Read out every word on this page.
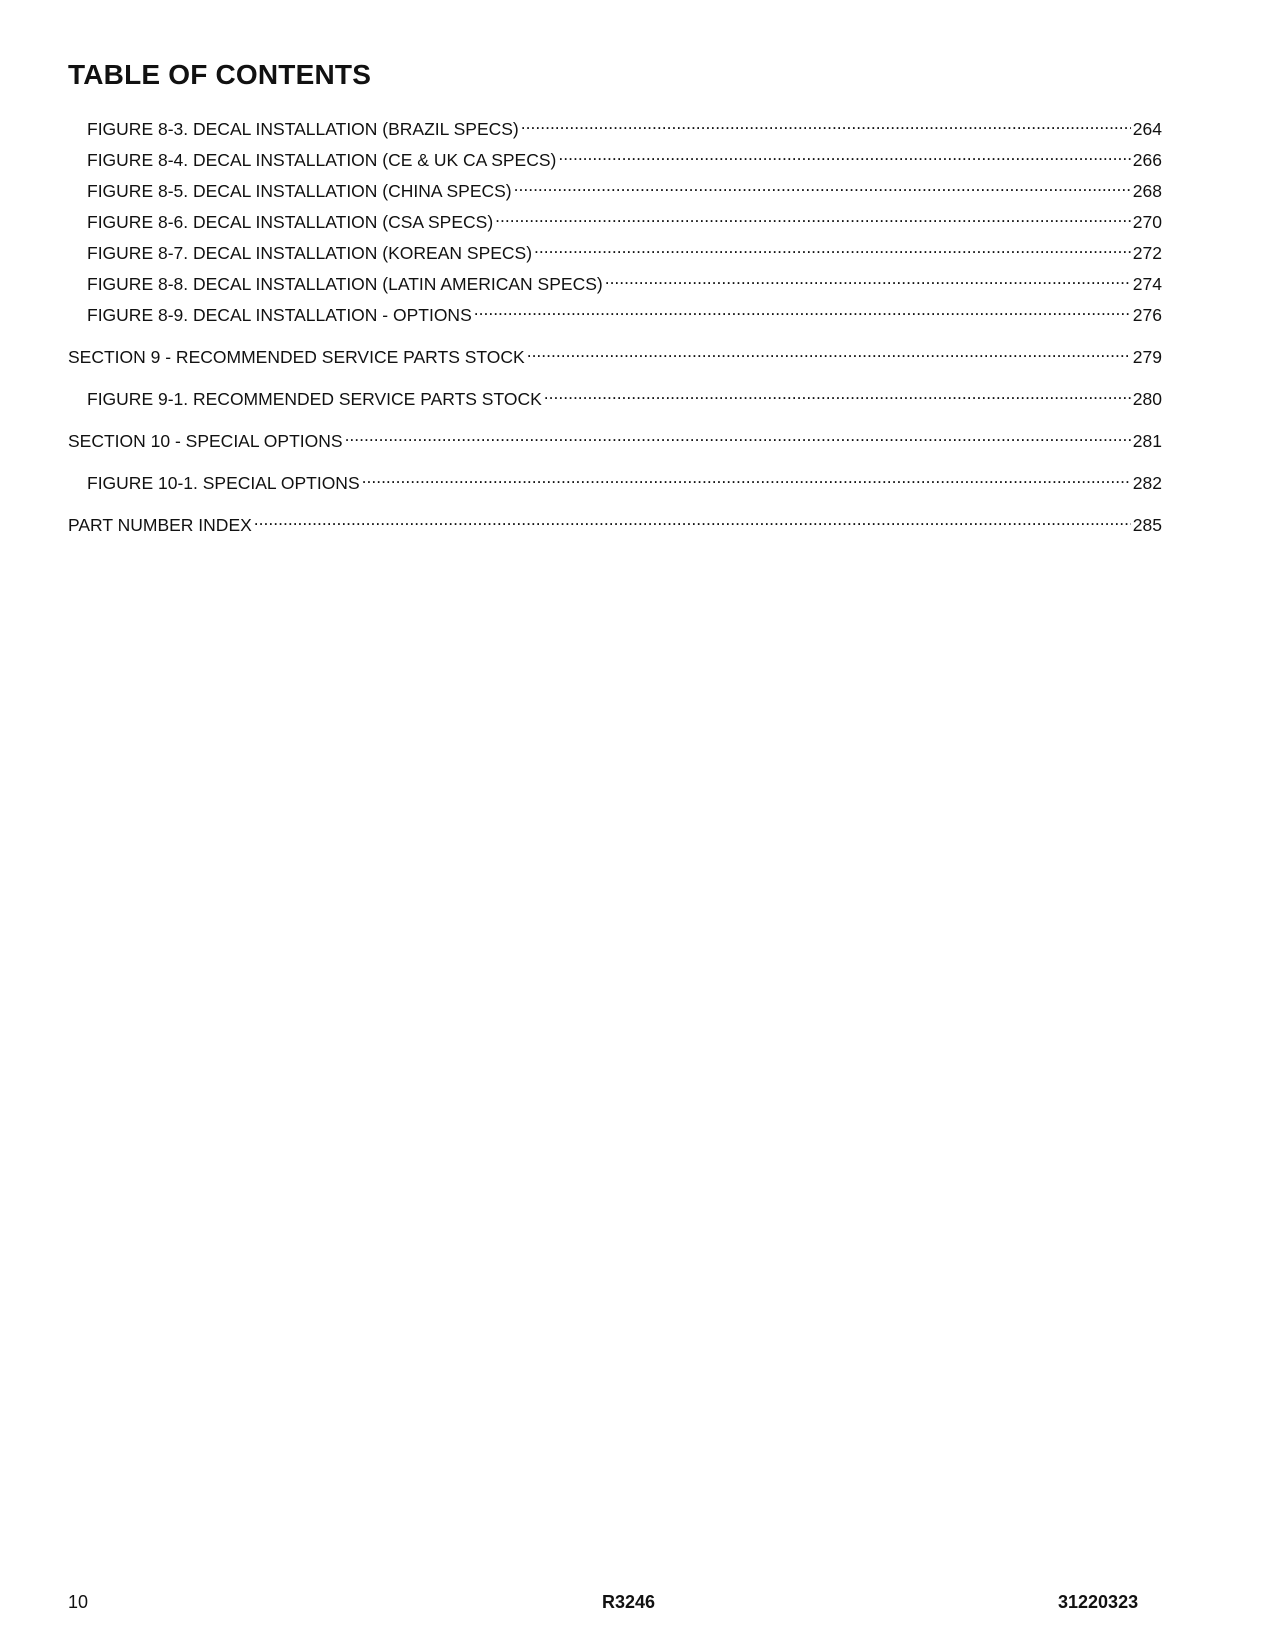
TABLE OF CONTENTS
FIGURE 8-3. DECAL INSTALLATION (BRAZIL SPECS) .....	264
FIGURE 8-4. DECAL INSTALLATION (CE & UK CA SPECS) .....	266
FIGURE 8-5. DECAL INSTALLATION (CHINA SPECS) .....	268
FIGURE 8-6. DECAL INSTALLATION (CSA SPECS) .....	270
FIGURE 8-7. DECAL INSTALLATION (KOREAN SPECS) .....	272
FIGURE 8-8. DECAL INSTALLATION (LATIN AMERICAN SPECS) .....	274
FIGURE 8-9. DECAL INSTALLATION - OPTIONS .....	276
SECTION 9 - RECOMMENDED SERVICE PARTS STOCK .....	279
FIGURE 9-1. RECOMMENDED SERVICE PARTS STOCK .....	280
SECTION 10 - SPECIAL OPTIONS .....	281
FIGURE 10-1. SPECIAL OPTIONS .....	282
PART NUMBER INDEX .....	285
10	R3246	31220323
